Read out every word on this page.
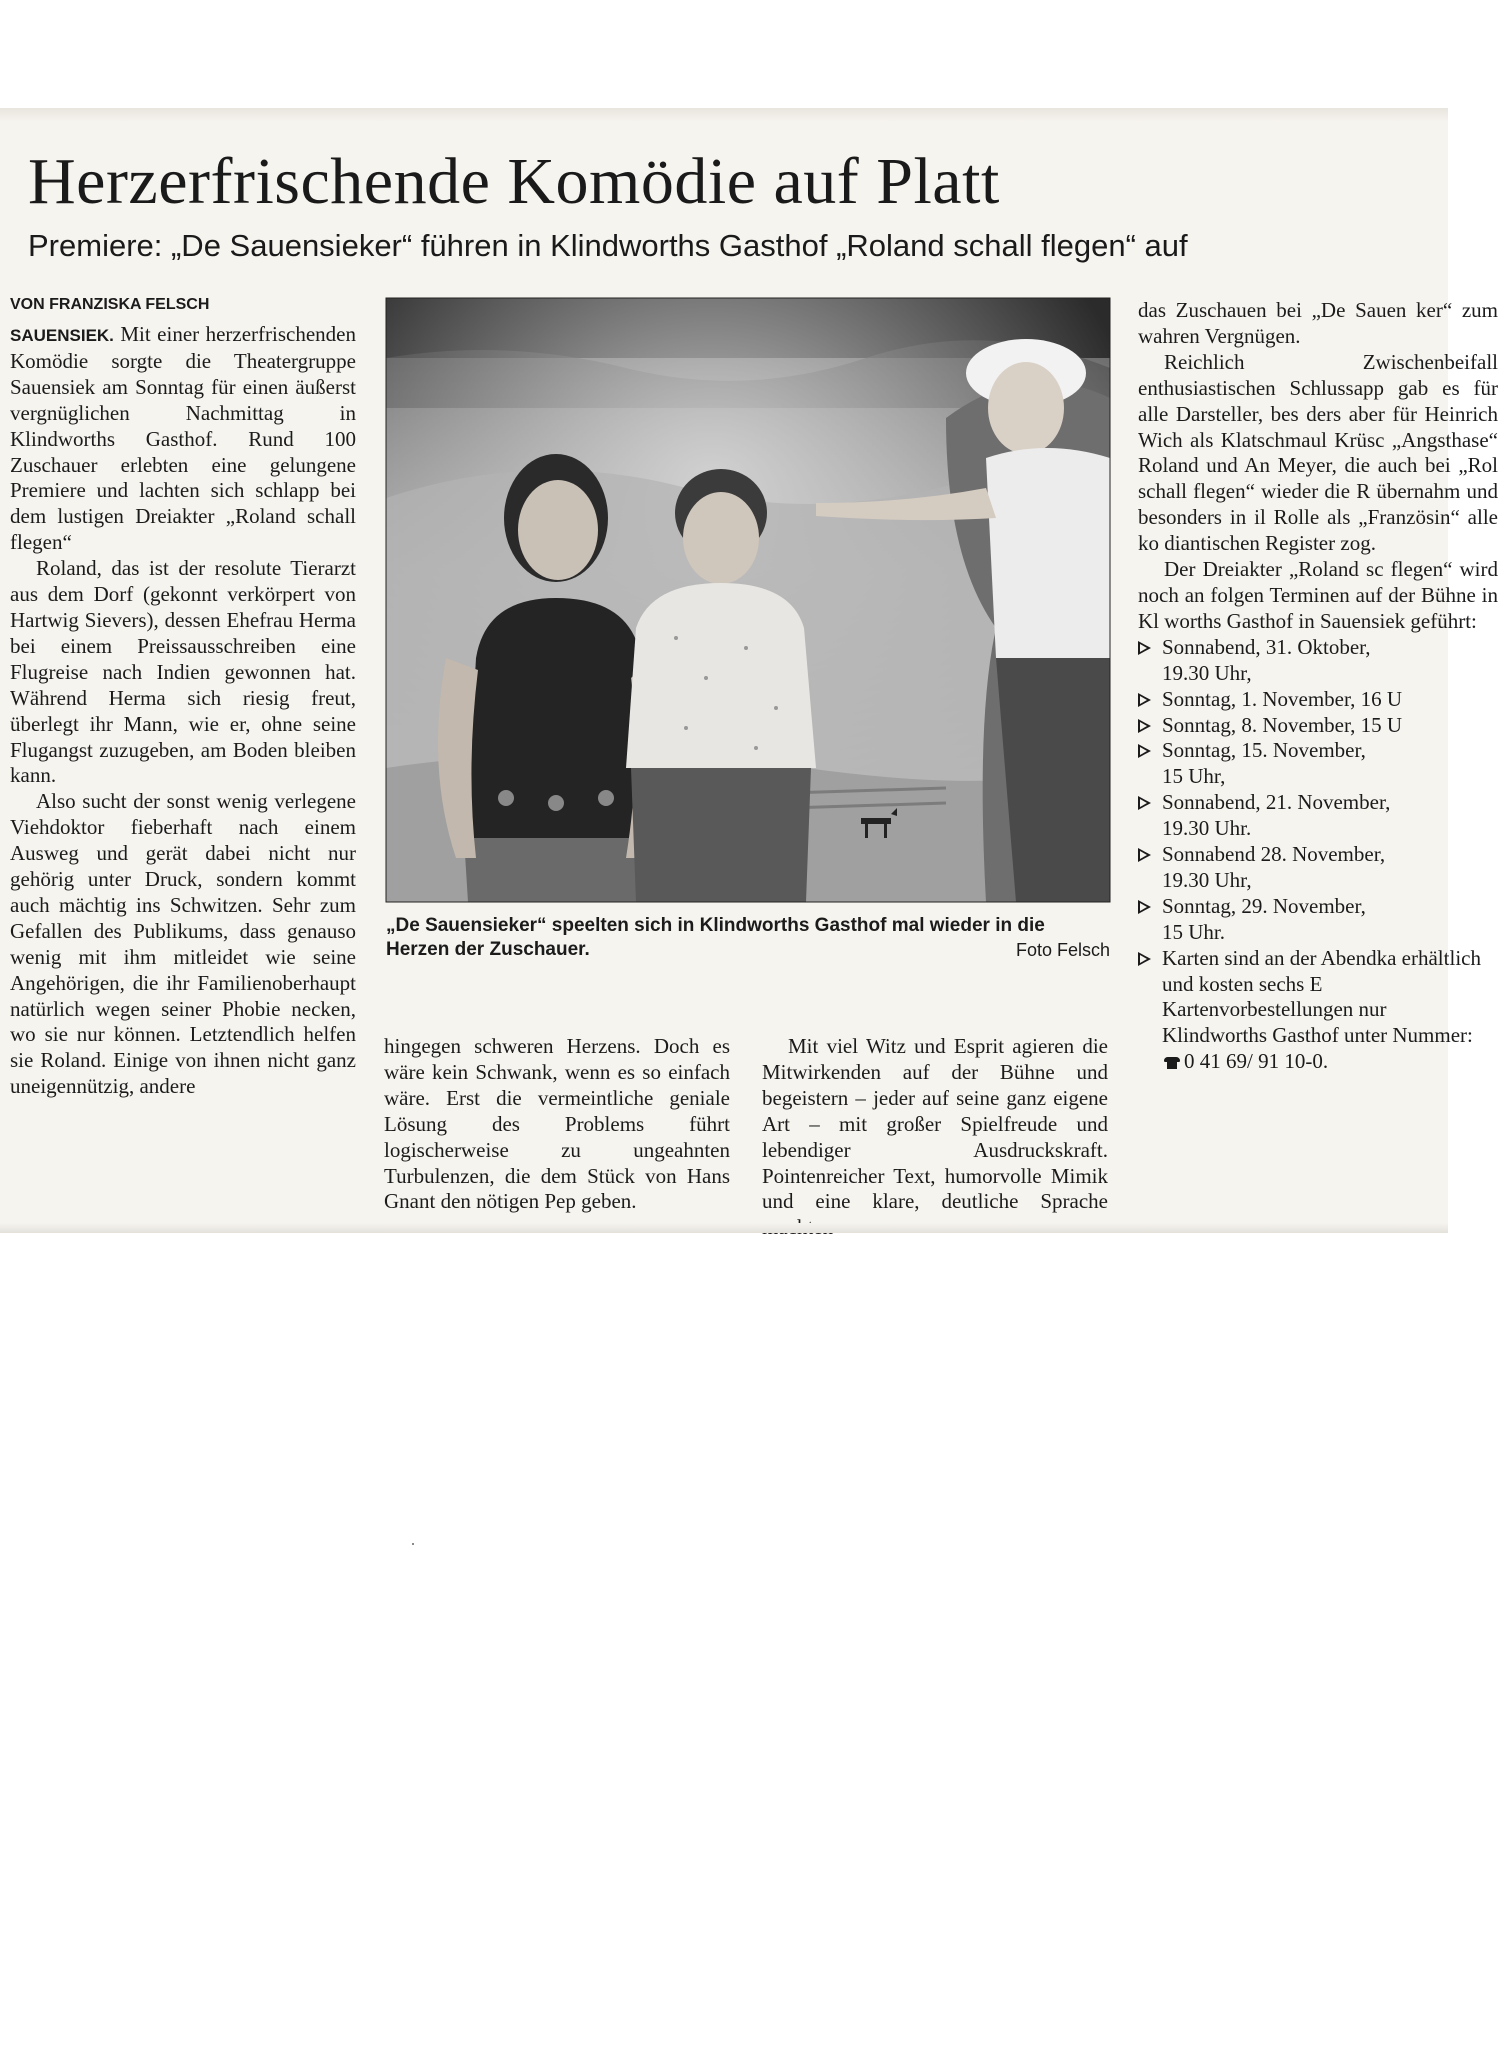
Herzerfrischende Komödie auf Platt
Premiere: „De Sauensieker“ führen in Klindworths Gasthof „Roland schall flegen“ auf
VON FRANZISKA FELSCH

SAUENSIEK. Mit einer herzerfrischenden Komödie sorgte die Theatergruppe Sauensiek am Sonntag für einen äußerst vergnüglichen Nachmittag in Klindworths Gasthof. Rund 100 Zuschauer erlebten eine gelungene Premiere und lachten sich schlapp bei dem lustigen Dreiakter „Roland schall flegen“

Roland, das ist der resolute Tierarzt aus dem Dorf (gekonnt verkörpert von Hartwig Sievers), dessen Ehefrau Herma bei einem Preissausschreiben eine Flugreise nach Indien gewonnen hat. Während Herma sich riesig freut, überlegt ihr Mann, wie er, ohne seine Flugangst zuzugeben, am Boden bleiben kann.

Also sucht der sonst wenig verlegene Viehdoktor fieberhaft nach einem Ausweg und gerät dabei nicht nur gehörig unter Druck, sondern kommt auch mächtig ins Schwitzen. Sehr zum Gefallen des Publikums, dass genauso wenig mit ihm mitleidet wie seine Angehörigen, die ihr Familienoberhaupt natürlich wegen seiner Phobie necken, wo sie nur können. Letztendlich helfen sie Roland. Einige von ihnen nicht ganz uneigennützig, andere

„De Sauensieker“ speelten sich in Klindworths Gasthof mal wieder in die Herzen der Zuschauer.	Foto Felsch

hingegen schweren Herzens. Doch es wäre kein Schwank, wenn es so einfach wäre. Erst die vermeintliche geniale Lösung des Problems führt logischerweise zu ungeahnten Turbulenzen, die dem Stück von Hans Gnant den nötigen Pep geben.

Mit viel Witz und Esprit agieren die Mitwirkenden auf der Bühne und begeistern – jeder auf seine ganz eigene Art – mit großer Spielfreude und lebendiger Ausdruckskraft. Pointenreicher Text, humorvolle Mimik und eine klare, deutliche Sprache

das Zuschauen bei „De Sauen ker“ zum wahren Vergnügen.

Reichlich Zwischenbeifall enthusiastischen Schlussapp gab es für alle Darsteller, bes ders aber für Heinrich Wich als Klatschmaul Krüsc „Angsthase“ Roland und An Meyer, die auch bei „Rol schall flegen“ wieder die R übernahm und besonders in il Rolle als „Französin“ alle ko diantischen Register zog.

Der Dreiakter „Roland sc flegen“ wird noch an folgen Terminen auf der Bühne in Kl worths Gasthof in Sauensiek geführt:

Sonnabend, 31. Oktober,
19.30 Uhr,
Sonntag, 1. November, 16 U
Sonntag, 8. November, 15 U
Sonntag, 15. November,
15 Uhr,
Sonnabend, 21. November,
19.30 Uhr.
Sonnabend 28. November,
19.30 Uhr,
Sonntag, 29. November,
15 Uhr.
Karten sind an der Abendka erhältlich und kosten sechs E Kartenvorbestellungen nur Klindworths Gasthof unter Nummer: 0 41 69/ 91 10-0.
